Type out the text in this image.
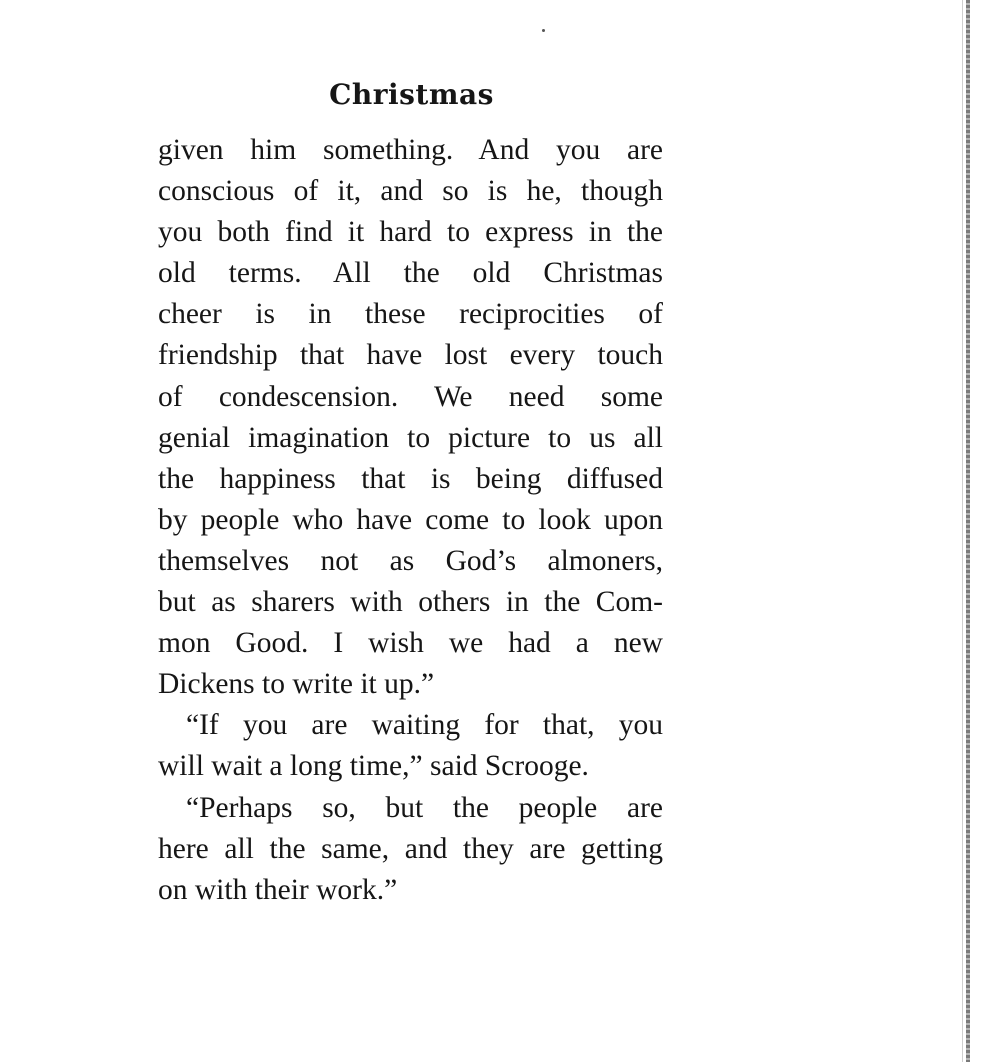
Christmas
given him something. And you are
conscious of it, and so is he, though
you both find it hard to express in the
old terms. All the old Christmas
cheer is in these reciprocities of
friendship that have lost every touch
of condescension. We need some
genial imagination to picture to us all
the happiness that is being diffused
by people who have come to look upon
themselves not as God’s almoners,
but as sharers with others in the Com-
mon Good. I wish we had a new
Dickens to write it up.”
“If you are waiting for that, you
will wait a long time,” said Scrooge.
“Perhaps so, but the people are
here all the same, and they are getting
on with their work.”
